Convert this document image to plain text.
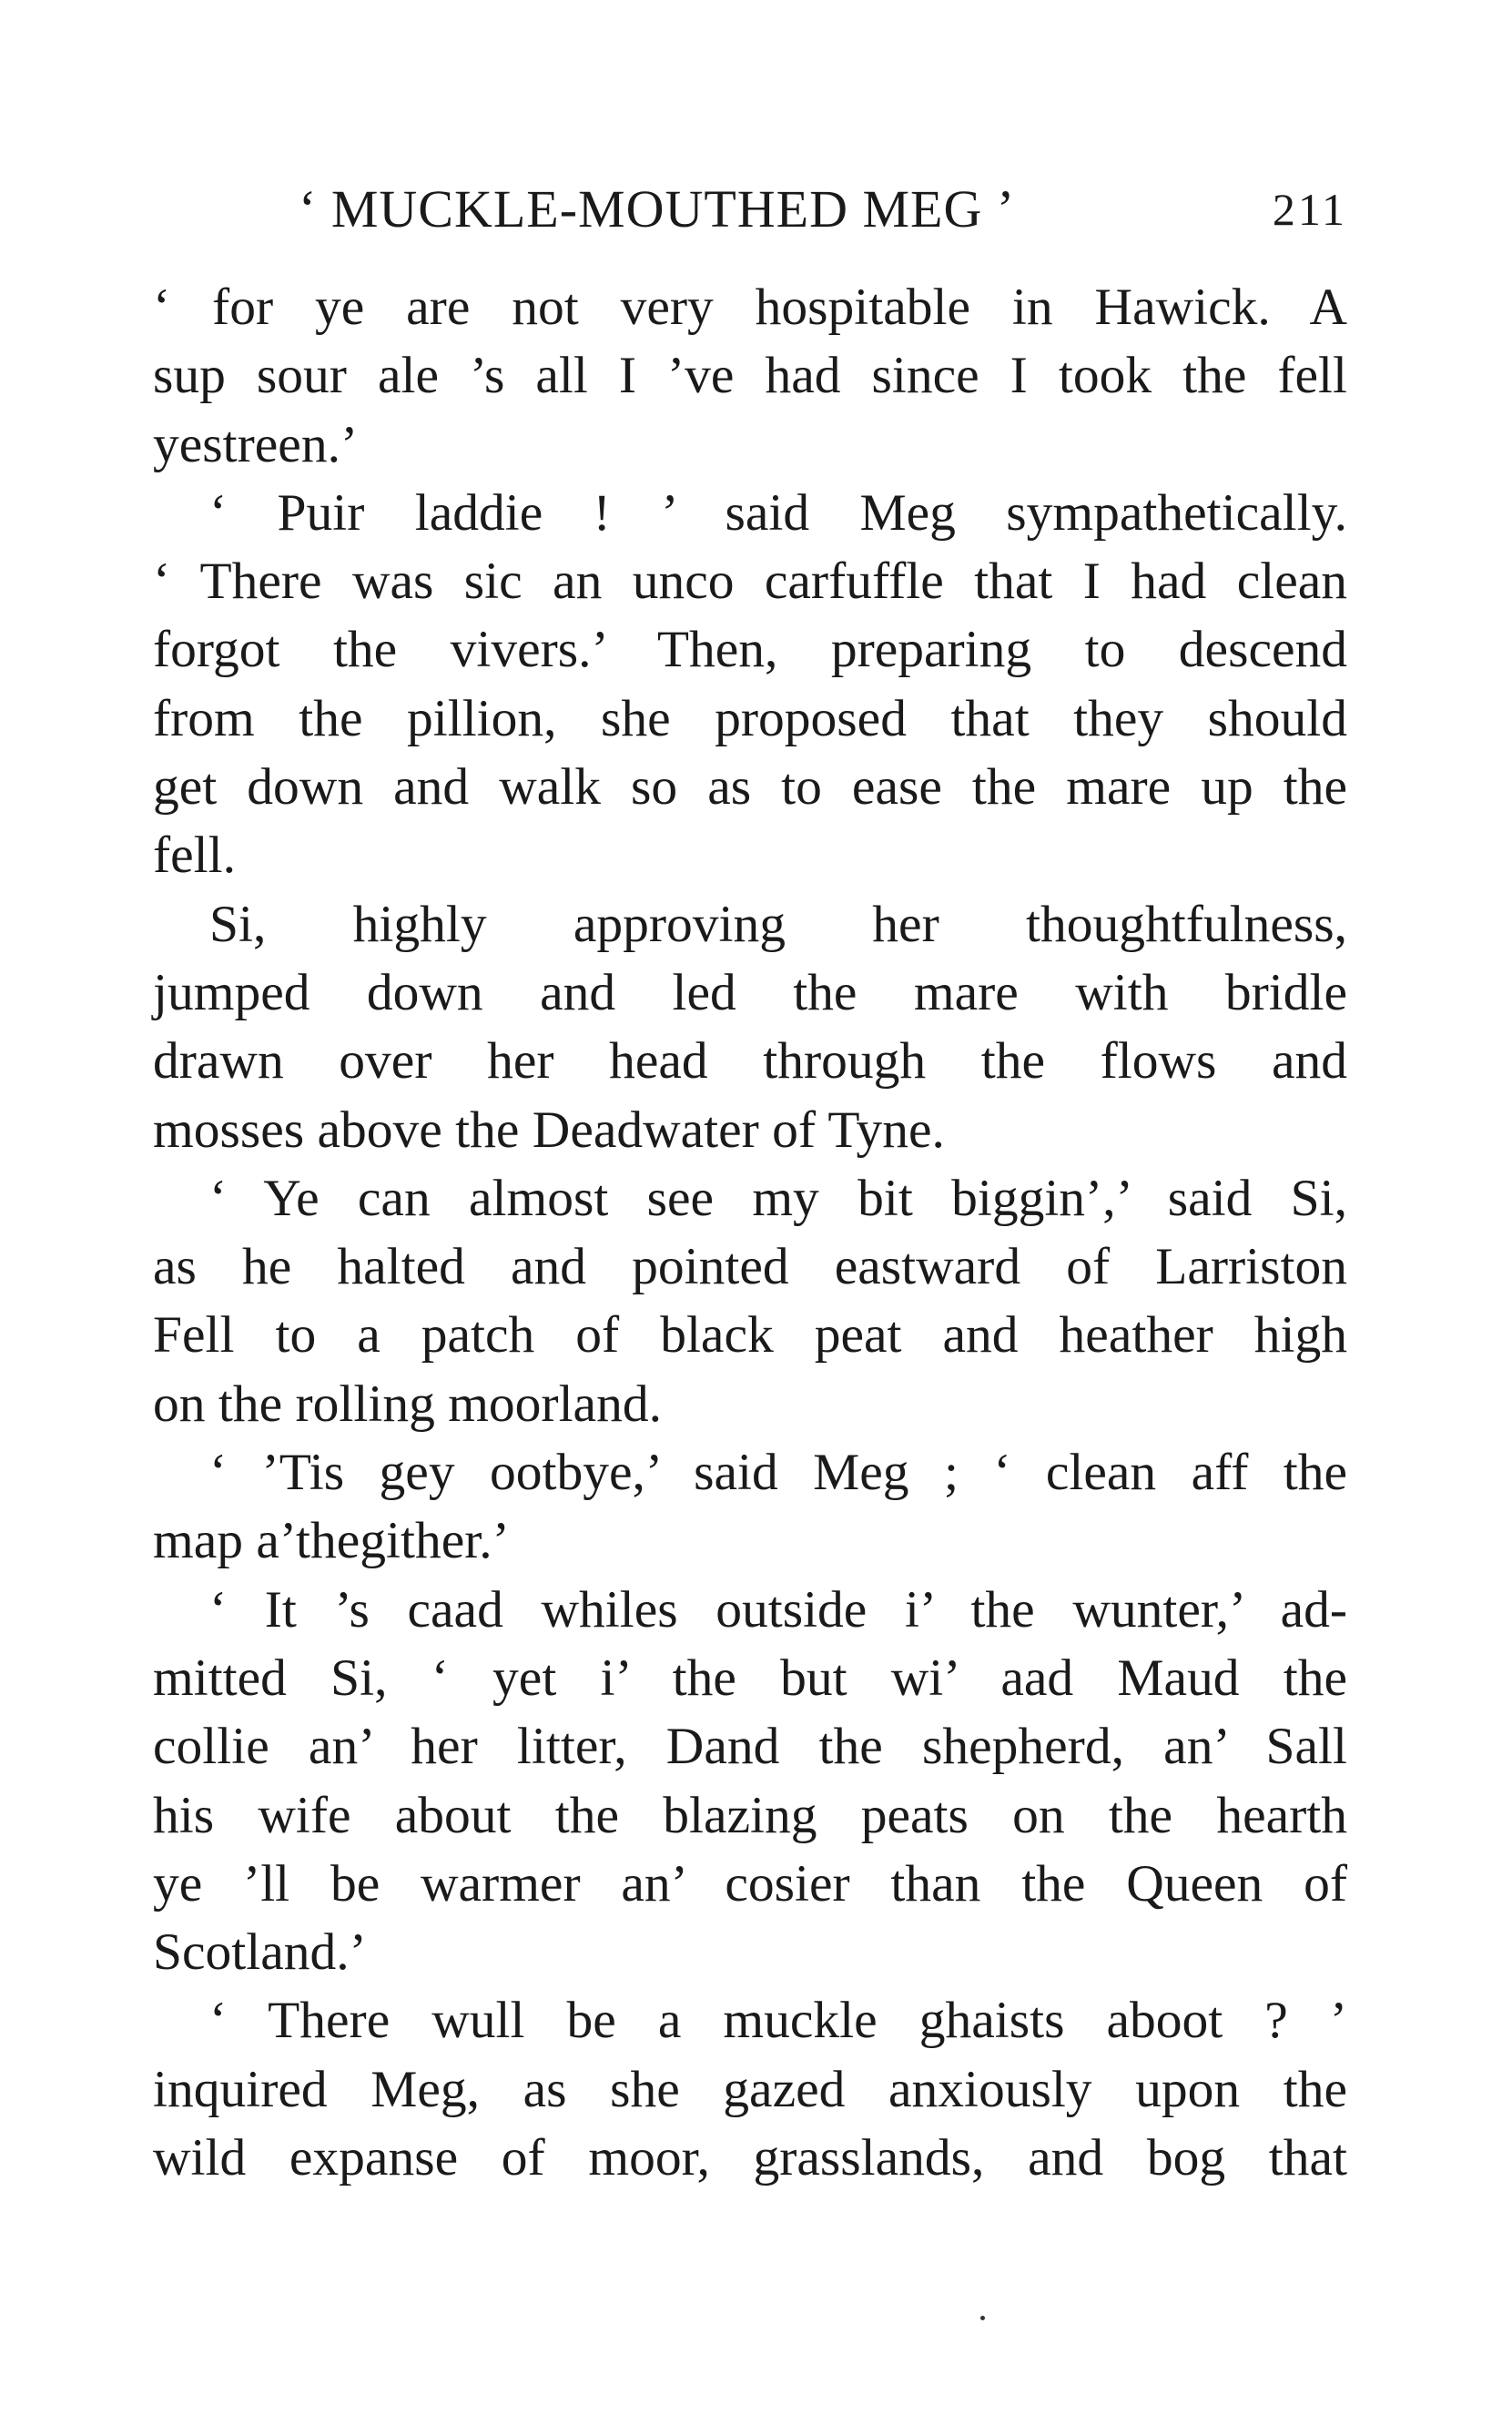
‘ MUCKLE-MOUTHED MEG ’	211
‘ for ye are not very hospitable in Hawick. A
sup sour ale ’s all I ’ve had since I took the fell
yestreen.’
‘ Puir laddie ! ’ said Meg sympathetically.
‘ There was sic an unco carfuffle that I had clean
forgot the vivers.’ Then, preparing to descend
from the pillion, she proposed that they should
get down and walk so as to ease the mare up the
fell.
Si, highly approving her thoughtfulness,
jumped down and led the mare with bridle
drawn over her head through the flows and
mosses above the Deadwater of Tyne.
‘ Ye can almost see my bit biggin’,’ said Si,
as he halted and pointed eastward of Larriston
Fell to a patch of black peat and heather high
on the rolling moorland.
‘ ’Tis gey ootbye,’ said Meg ; ‘ clean aff the
map a’thegither.’
‘ It ’s caad whiles outside i’ the wunter,’ ad-
mitted Si, ‘ yet i’ the but wi’ aad Maud the
collie an’ her litter, Dand the shepherd, an’ Sall
his wife about the blazing peats on the hearth
ye ’ll be warmer an’ cosier than the Queen of
Scotland.’
‘ There wull be a muckle ghaists aboot ? ’
inquired Meg, as she gazed anxiously upon the
wild expanse of moor, grasslands, and bog that
